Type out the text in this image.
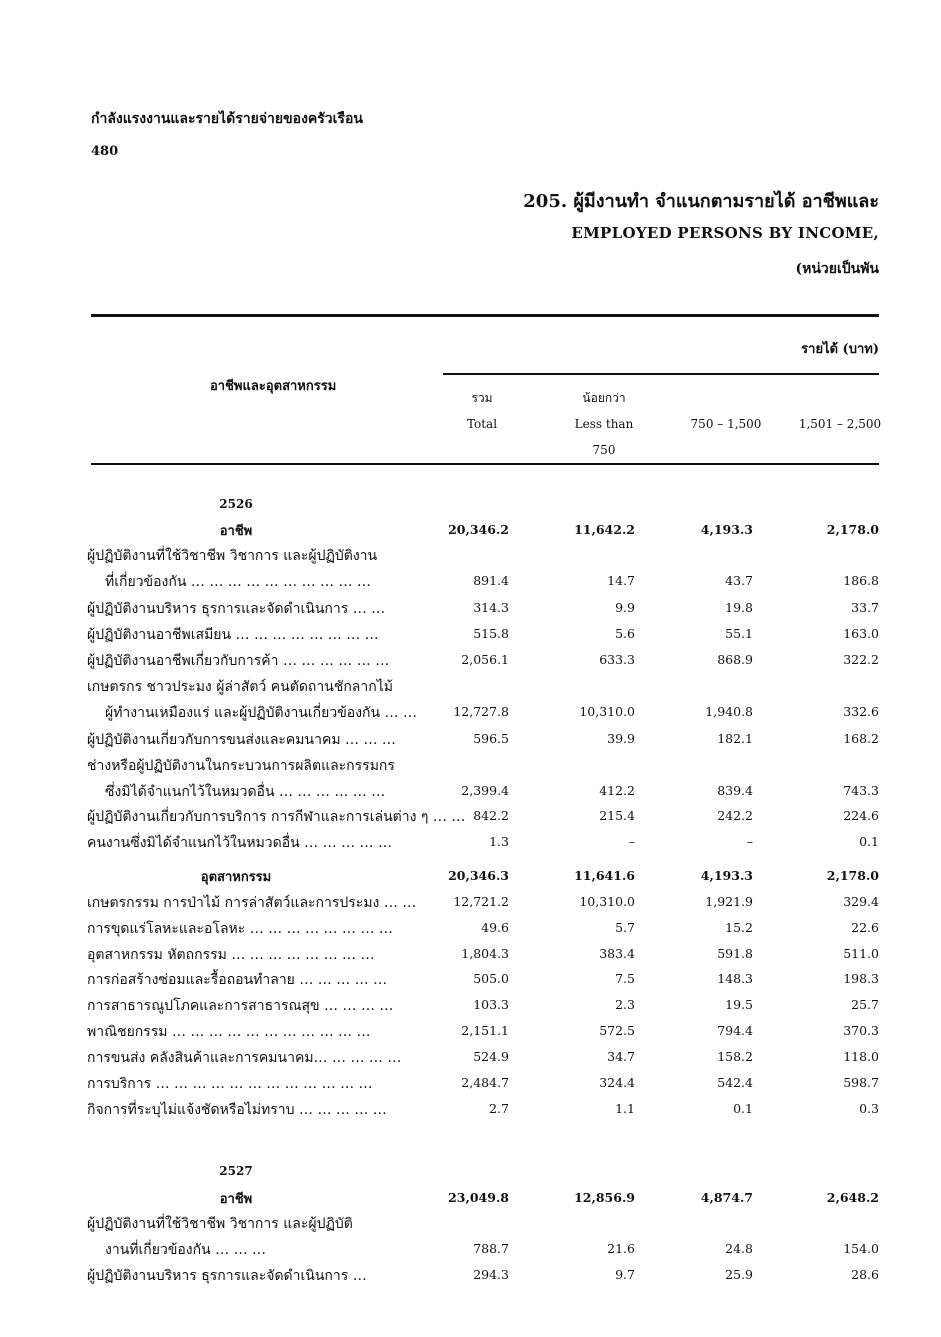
กำลังแรงงานและรายได้รายจ่ายของครัวเรือน
480
205. ผู้มีงานทำ จำแนกตามรายได้ อาชีพและ
EMPLOYED PERSONS BY INCOME,
(หน่วยเป็นพัน
รายได้ (บาท)
อาชีพและอุตสาหกรรม
รวม
Total
น้อยกว่า
Less than
750
750 – 1,500	1,501 – 2,500
2526
อาชีพ	20,346.2	11,642.2	4,193.3	2,178.0
ผู้ปฏิบัติงานที่ใช้วิชาชีพ วิชาการ และผู้ปฏิบัติงาน
ที่เกี่ยวข้องกัน … … … … … … … … … …	891.4	14.7	43.7	186.8
ผู้ปฏิบัติงานบริหาร ธุรการและจัดดำเนินการ … …	314.3	9.9	19.8	33.7
ผู้ปฏิบัติงานอาชีพเสมียน … … … … … … … …	515.8	5.6	55.1	163.0
ผู้ปฏิบัติงานอาชีพเกี่ยวกับการค้า … … … … … …	2,056.1	633.3	868.9	322.2
เกษตรกร ชาวประมง ผู้ล่าสัตว์ คนตัดถานชักลากไม้
ผู้ทำงานเหมืองแร่ และผู้ปฏิบัติงานเกี่ยวข้องกัน … …	12,727.8	10,310.0	1,940.8	332.6
ผู้ปฏิบัติงานเกี่ยวกับการขนส่งและคมนาคม … … …	596.5	39.9	182.1	168.2
ช่างหรือผู้ปฏิบัติงานในกระบวนการผลิตและกรรมกร
ซึ่งมิได้จำแนกไว้ในหมวดอื่น … … … … … …	2,399.4	412.2	839.4	743.3
ผู้ปฏิบัติงานเกี่ยวกับการบริการ การกีฬาและการเล่นต่าง ๆ … … 842.2	215.4	242.2	224.6
คนงานซึ่งมิได้จำแนกไว้ในหมวดอื่น … … … … …	1.3	–	–	0.1
อุตสาหกรรม	20,346.3	11,641.6	4,193.3	2,178.0
เกษตรกรรม การป่าไม้ การล่าสัตว์และการประมง … …	12,721.2	10,310.0	1,921.9	329.4
การขุดแร่โลหะและอโลหะ … … … … … … … …	49.6	5.7	15.2	22.6
อุตสาหกรรม หัตถกรรม … … … … … … … …	1,804.3	383.4	591.8	511.0
การก่อสร้างซ่อมและรื้อถอนทำลาย … … … … …	505.0	7.5	148.3	198.3
การสาธารณูปโภคและการสาธารณสุข … … … …	103.3	2.3	19.5	25.7
พาณิชยกรรม … … … … … … … … … … …	2,151.1	572.5	794.4	370.3
การขนส่ง คลังสินค้าและการคมนาคม… … … … …	524.9	34.7	158.2	118.0
การบริการ … … … … … … … … … … … …	2,484.7	324.4	542.4	598.7
กิจการที่ระบุไม่แจ้งชัดหรือไม่ทราบ … … … … …	2.7	1.1	0.1	0.3
2527
อาชีพ	23,049.8	12,856.9	4,874.7	2,648.2
ผู้ปฏิบัติงานที่ใช้วิชาชีพ วิชาการ และผู้ปฏิบัติ
งานที่เกี่ยวข้องกัน … … …	788.7	21.6	24.8	154.0
ผู้ปฏิบัติงานบริหาร ธุรการและจัดดำเนินการ …	294.3	9.7	25.9	28.6
